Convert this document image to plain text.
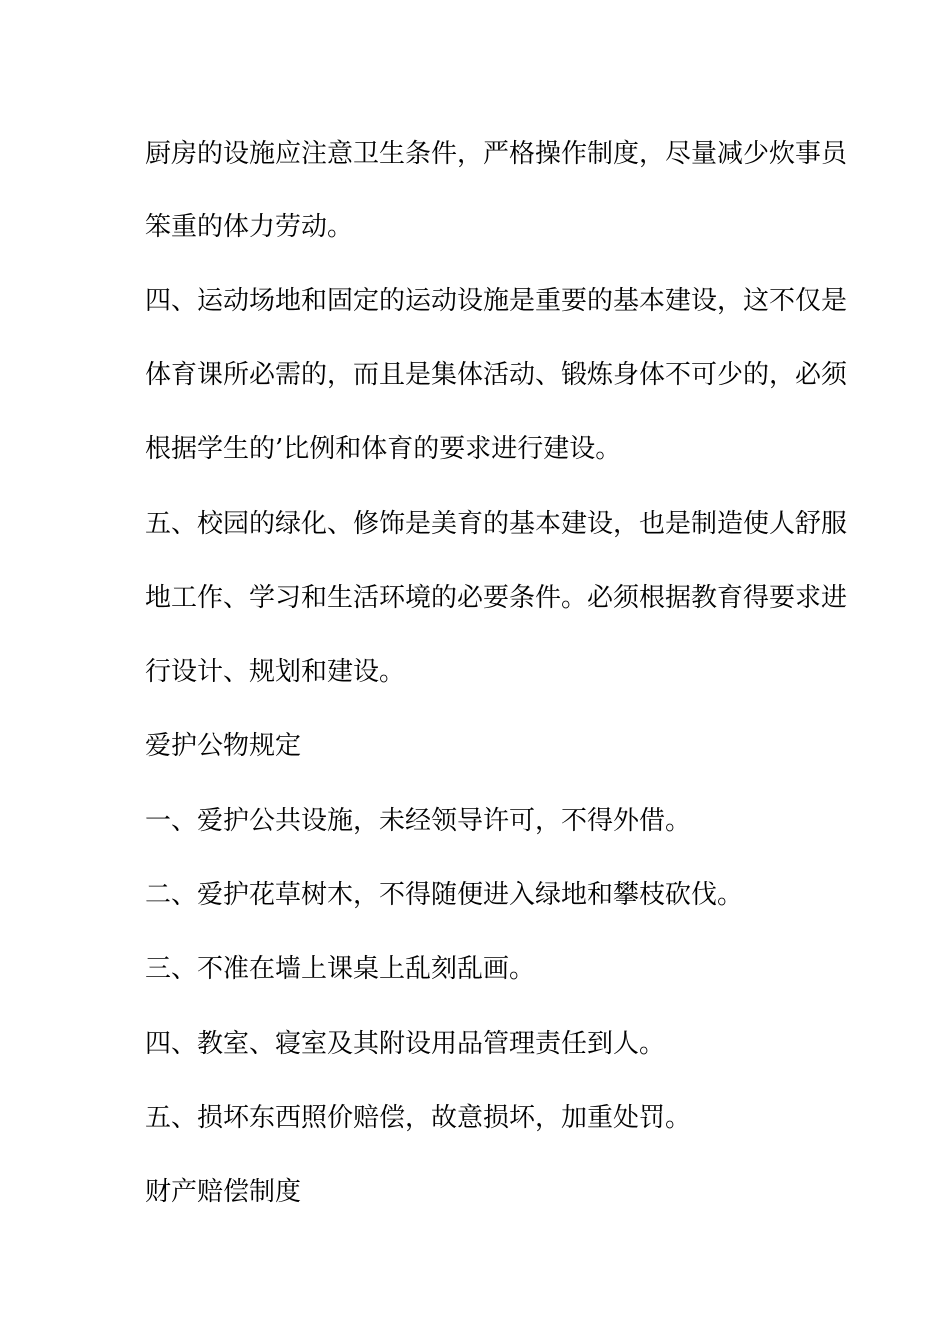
厨房的设施应注意卫生条件，严格操作制度，尽量减少炊事员
笨重的体力劳动。
四、运动场地和固定的运动设施是重要的基本建设，这不仅是
体育课所必需的，而且是集体活动、锻炼身体不可少的，必须
根据学生的’比例和体育的要求进行建设。
五、校园的绿化、修饰是美育的基本建设，也是制造使人舒服
地工作、学习和生活环境的必要条件。必须根据教育得要求进
行设计、规划和建设。
爱护公物规定
一、爱护公共设施，未经领导许可，不得外借。
二、爱护花草树木，不得随便进入绿地和攀枝砍伐。
三、不准在墙上课桌上乱刻乱画。
四、教室、寝室及其附设用品管理责任到人。
五、损坏东西照价赔偿，故意损坏，加重处罚。
财产赔偿制度
